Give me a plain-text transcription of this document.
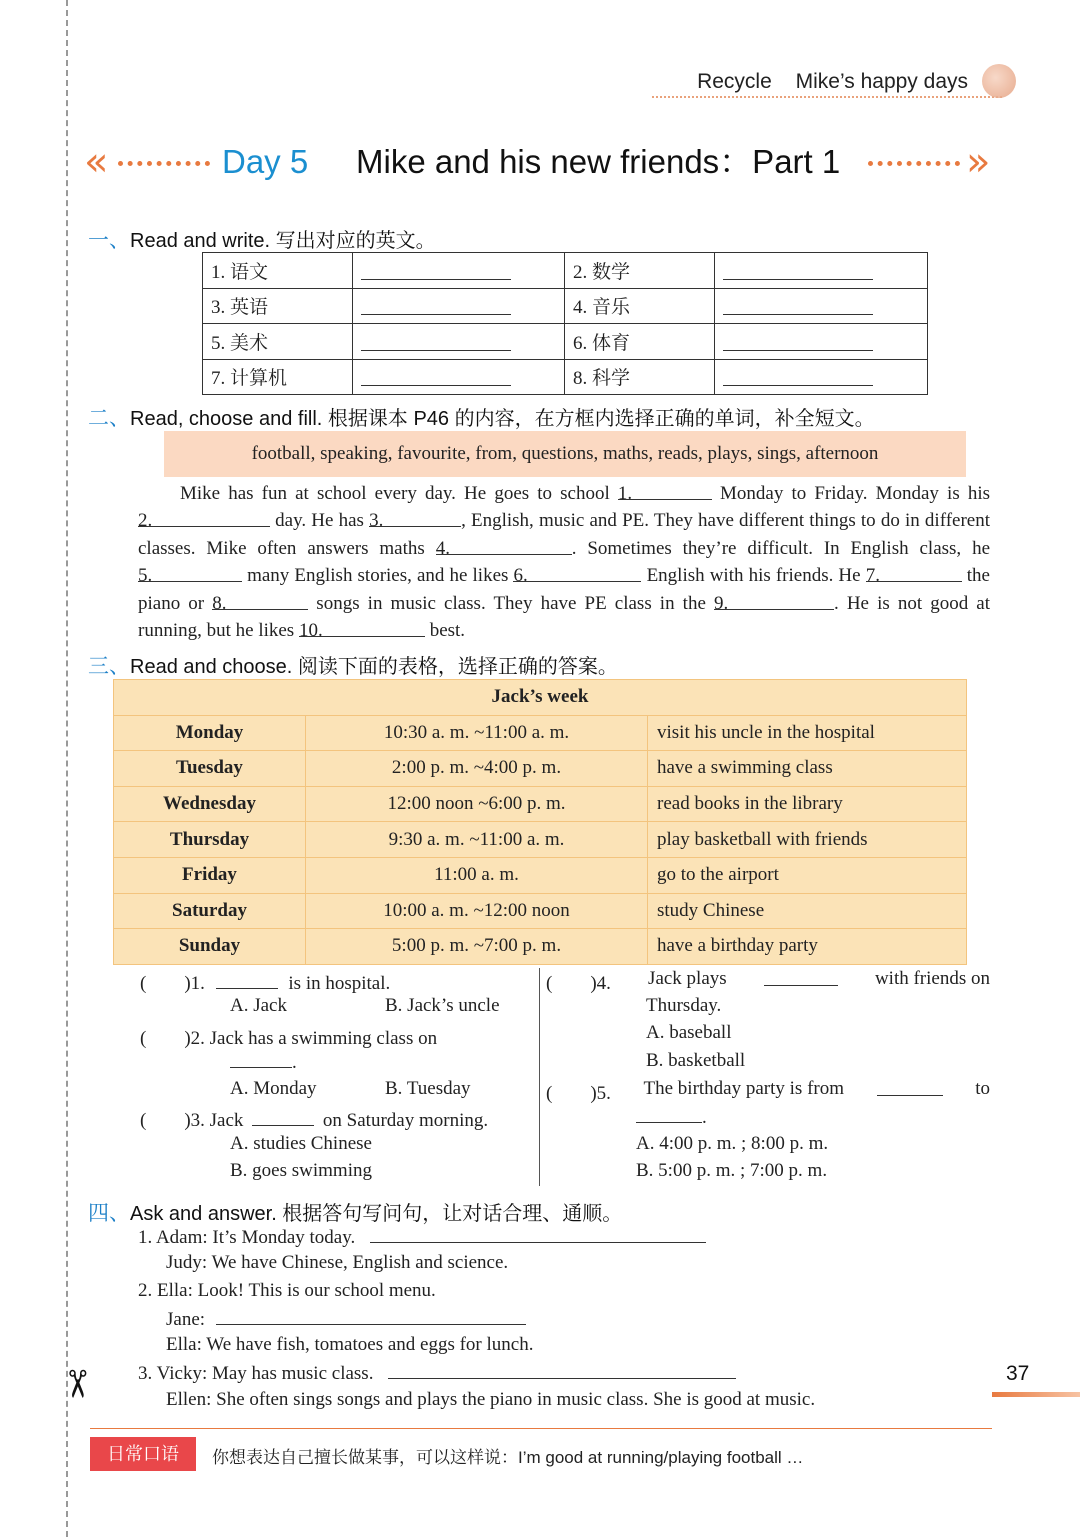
✂
Recycle Mike’s happy days
«	Day 5 Mike and his new friends：Part 1	»
一、Read and write. 写出对应的英文。
1. 语文		2. 数学	
3. 英语		4. 音乐	
5. 美术		6. 体育	
7. 计算机		8. 科学	
二、Read, choose and fill. 根据课本 P46 的内容，在方框内选择正确的单词，补全短文。
football, speaking, favourite, from, questions, maths, reads, plays, sings, afternoon
Mike has fun at school every day. He goes to school 1.	Monday to Friday. Monday is his 2.	day. He has 3.	, English, music and PE. They have different things to do in different classes. Mike often answers maths 4.	. Sometimes they’re difficult. In English class, he 5.	many English stories, and he likes 6.	English with his friends. He 7.	the piano or 8.	songs in music class. They have PE class in the 9.	. He is not good at running, but he likes 10.	best.
三、Read and choose. 阅读下面的表格，选择正确的答案。
Jack’s week		
Monday	10:30 a. m. ~11:00 a. m.	visit his uncle in the hospital
Tuesday	2:00 p. m. ~4:00 p. m.	have a swimming class
Wednesday	12:00 noon ~6:00 p. m.	read books in the library
Thursday	9:30 a. m. ~11:00 a. m.	play basketball with friends
Friday	11:00 a. m.	go to the airport
Saturday	10:00 a. m. ~12:00 noon	study Chinese
Sunday	5:00 p. m. ~7:00 p. m.	have a birthday party
(　　)1.	is in hospital.
A. Jack	B. Jack’s uncle
(　　)2. Jack has a swimming class on
.
A. Monday	B. Tuesday
(　　)3. Jack	on Saturday morning.
A. studies Chinese
B. goes swimming
(　　)4. Jack plays	with friends on
Thursday.
A. baseball
B. basketball
(　　)5. The birthday party is from	to
.
A. 4:00 p. m. ; 8:00 p. m.
B. 5:00 p. m. ; 7:00 p. m.
四、Ask and answer. 根据答句写问句，让对话合理、通顺。
1. Adam: It’s Monday today.
Judy: We have Chinese, English and science.
2. Ella: Look! This is our school menu.
Jane:
Ella: We have fish, tomatoes and eggs for lunch.
3. Vicky: May has music class.
Ellen: She often sings songs and plays the piano in music class. She is good at music.
37
日常口语	你想表达自己擅长做某事，可以这样说：I’m good at running/playing football …
